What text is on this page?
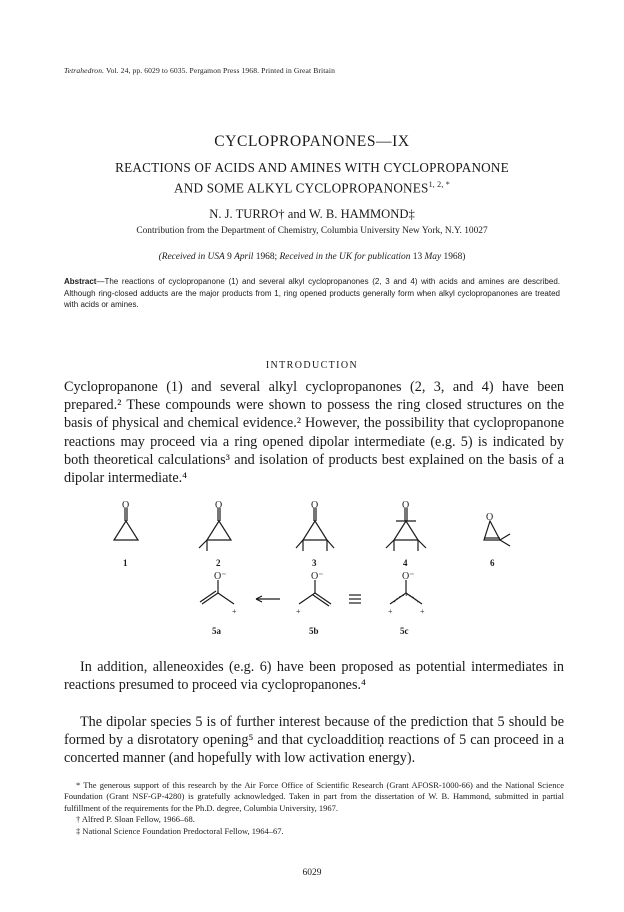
Tetrahedron. Vol. 24, pp. 6029 to 6035. Pergamon Press 1968. Printed in Great Britain
CYCLOPROPANONES—IX
REACTIONS OF ACIDS AND AMINES WITH CYCLOPROPANONE
AND SOME ALKYL $CYCLOPROPANONES^{1, 2, *}$
N. J. TURRO† and W. B. HAMMOND‡
Contribution from the Department of Chemistry, Columbia University New York, N.Y. 10027
(Received in USA 9 April 1968; Received in the UK for publication 13 May 1968)
Abstract—The reactions of cyclopropanone (1) and several alkyl cyclopropanones (2, 3 and 4) with acids and amines are described. Although ring-closed adducts are the major products from 1, ring opened products generally form when alkyl cyclopropanones are treated with acids or amines.
INTRODUCTION
Cyclopropanone (1) and several alkyl cyclopropanones (2, 3, and 4) have been prepared.² These compounds were shown to possess the ring closed structures on the basis of physical and chemical evidence.² However, the possibility that cyclopropanone reactions may proceed via a ring opened dipolar intermediate (e.g. 5) is indicated by both theoretical calculations³ and isolation of products best explained on the basis of a dipolar intermediate.⁴
O	O	O	O
O
O⁻	O⁻	O⁻
+	+	+	+
1	2	3	4	6
5a	5b	5c
In addition, alleneoxides (e.g. 6) have been proposed as potential intermediates in reactions presumed to proceed via cyclopropanones.⁴
The dipolar species 5 is of further interest because of the prediction that 5 should be formed by a disrotatory opening⁵ and that cycloadditioņ reactions of 5 can proceed in a concerted manner (and hopefully with low activation energy).
* The generous support of this research by the Air Force Office of Scientific Research (Grant AFOSR-1000-66) and the National Science Foundation (Grant NSF-GP-4280) is gratefully acknowledged. Taken in part from the dissertation of W. B. Hammond, submitted in partial fulfillment of the requirements for the Ph.D. degree, Columbia University, 1967.
† Alfred P. Sloan Fellow, 1966–68.
‡ National Science Foundation Predoctoral Fellow, 1964–67.
6029
